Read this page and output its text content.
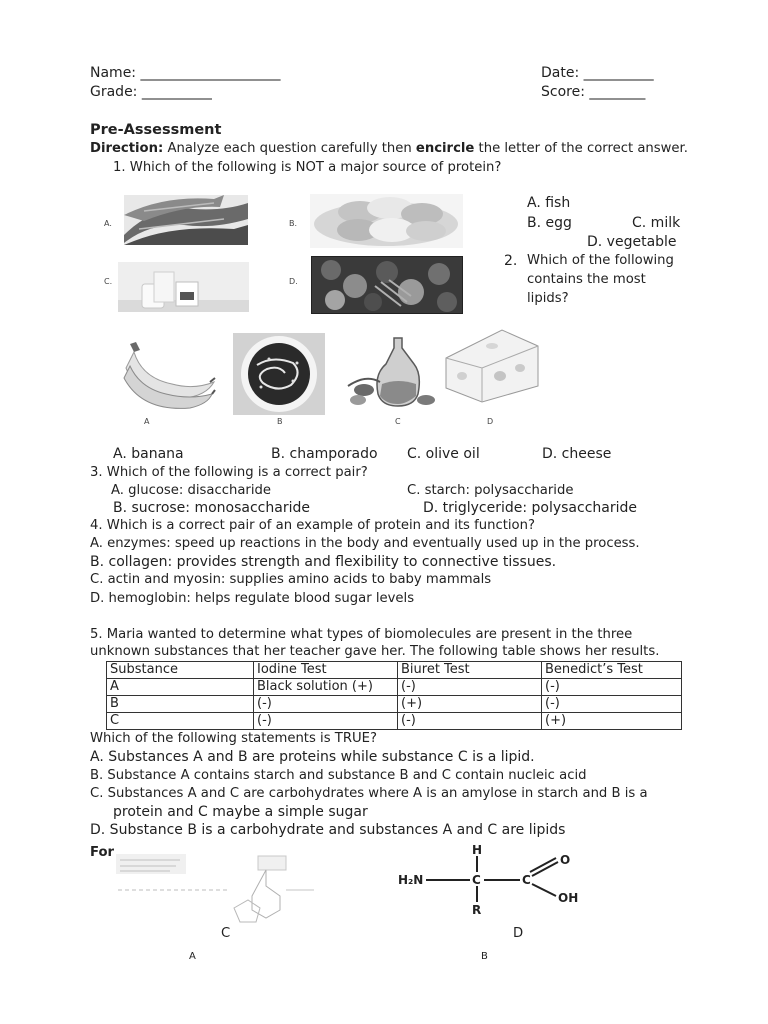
Name: ____________________
Grade: __________
Date: __________
Score: ________
Pre-Assessment
Direction: Analyze each question carefully then encircle the letter of the correct answer.
1. Which of the following is NOT a major source of protein?
A.	B.
C.	D.
A. fish
B. egg	C. milk
D. vegetable
2. Which of the following
contains the most
lipids?
A	B	C	D
A. banana	B. champorado C. olive oil	D. cheese
3. Which of the following is a correct pair?
A. glucose: disaccharide	C. starch: polysaccharide
B. sucrose: monosaccharide	D. triglyceride: polysaccharide
4. Which is a correct pair of an example of protein and its function?
A. enzymes: speed up reactions in the body and eventually used up in the process.
B. collagen: provides strength and flexibility to connective tissues.
C. actin and myosin: supplies amino acids to baby mammals
D. hemoglobin: helps regulate blood sugar levels
5. Maria wanted to determine what types of biomolecules are present in the three
unknown substances that her teacher gave her. The following table shows her results.
Substance	Iodine Test	Biuret Test	Benedict’s Test
A	Black solution (+)	(-)	(-)
B	(-)	(+)	(-)
C	(-)	(-)	(+)
Which of the following statements is TRUE?
A. Substances A and B are proteins while substance C is a lipid.
B. Substance A contains starch and substance B and C contain nucleic acid
C. Substances A and C are carbohydrates where A is an amylose in starch and B is a
protein and C maybe a simple sugar
D. Substance B is a carbohydrate and substances A and C are lipids
For	H
H₂N	C	C
O
OH
R
C
A
D
B
